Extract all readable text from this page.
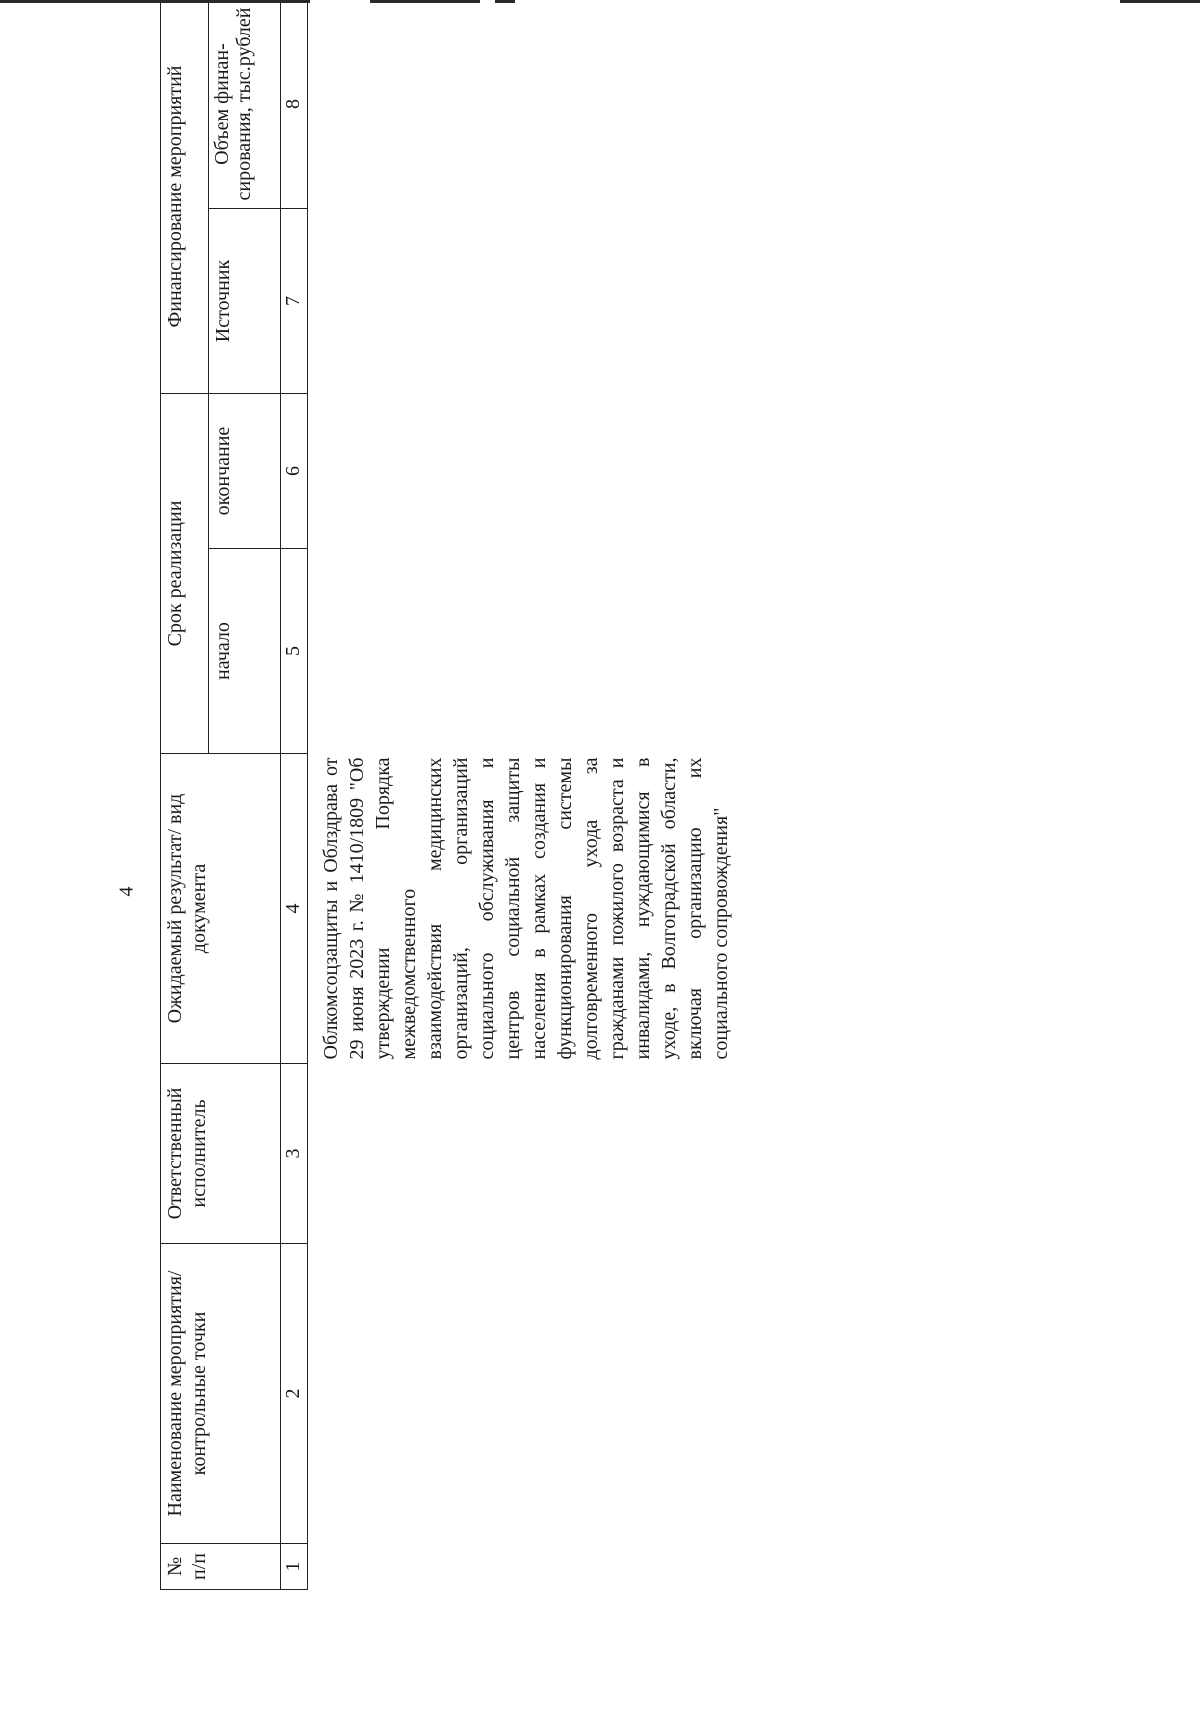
4
№ п/п	Наименование мероприятия/ контрольные точки	Ответственный исполнитель	Ожидаемый результат/ вид документа	Срок реализации		Финансирование мероприятий	
				начало	окончание	Источник	Объем финан- сирования, тыс.рублей
1	2	3	4	5	6	7	8

			Облкомсоцзащиты и Облздрава от 29 июня 2023 г. № 1410/1809 "Об утверждении Порядка межведомственного взаимодействия медицинских организаций, организаций социального обслуживания и центров социальной защиты населения в рамках создания и функционирования системы долговременного ухода за гражданами пожилого возраста и инвалидами, нуждающимися в уходе, в Волгоградской области, включая организацию их социального сопровождения"				
